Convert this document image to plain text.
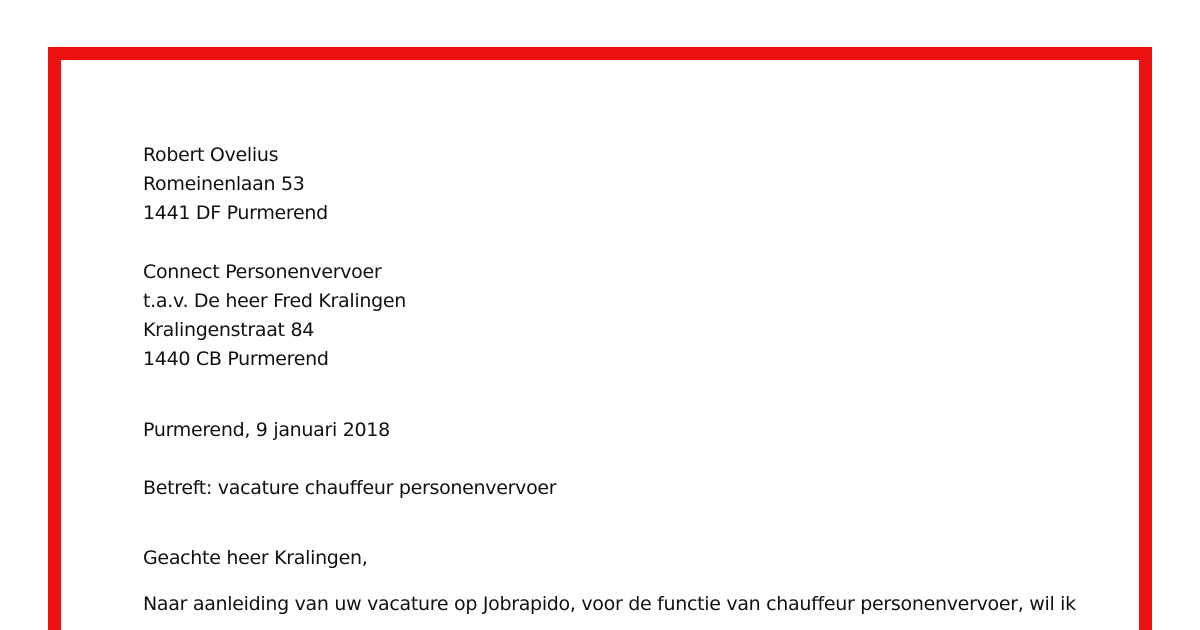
Robert Ovelius
Romeinenlaan 53
1441 DF Purmerend
Connect Personenvervoer
t.a.v. De heer Fred Kralingen
Kralingenstraat 84
1440 CB Purmerend
Purmerend, 9 januari 2018
Betreft: vacature chauffeur personenvervoer
Geachte heer Kralingen,
Naar aanleiding van uw vacature op Jobrapido, voor de functie van chauffeur personenvervoer, wil ik
